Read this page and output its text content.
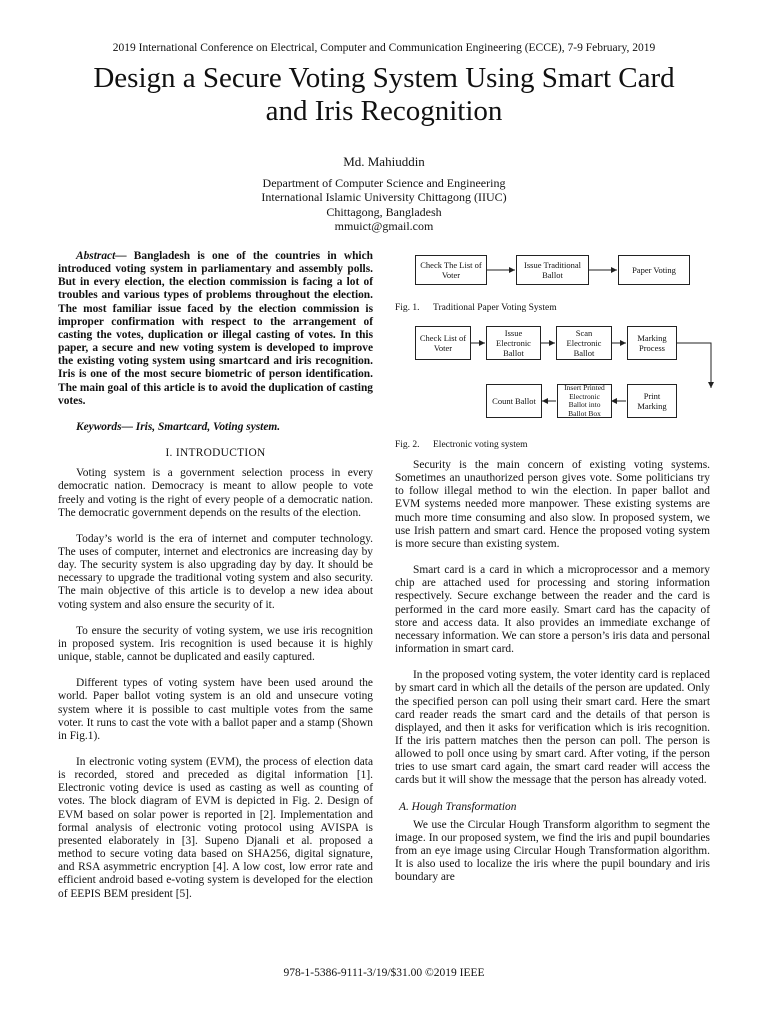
2019 International Conference on Electrical, Computer and Communication Engineering (ECCE), 7-9 February, 2019
Design a Secure Voting System Using Smart Card
and Iris Recognition
Md. Mahiuddin
Department of Computer Science and Engineering
International Islamic University Chittagong (IIUC)
Chittagong, Bangladesh
mmuict@gmail.com

Abstract— Bangladesh is one of the countries in which introduced voting system in parliamentary and assembly polls. But in every election, the election commission is facing a lot of troubles and various types of problems throughout the election. The most familiar issue faced by the election commission is improper confirmation with respect to the arrangement of casting the votes, duplication or illegal casting of votes. In this paper, a secure and new voting system is developed to improve the existing voting system using smartcard and iris recognition. Iris is one of the most secure biometric of person identification. The main goal of this article is to avoid the duplication of casting votes.

Keywords— Iris, Smartcard, Voting system.

I. INTRODUCTION

Voting system is a government selection process in every democratic nation. Democracy is meant to allow people to vote freely and voting is the right of every people of a democratic nation. The democratic government depends on the results of the election.

Today’s world is the era of internet and computer technology. The uses of computer, internet and electronics are increasing day by day. The security system is also upgrading day by day. It should be necessary to upgrade the traditional voting system and also security. The main objective of this article is to develop a new idea about voting system and also ensure the security of it.

To ensure the security of voting system, we use iris recognition in proposed system. Iris recognition is used because it is highly unique, stable, cannot be duplicated and easily captured.

Different types of voting system have been used around the world. Paper ballot voting system is an old and unsecure voting system where it is possible to cast multiple votes from the same voter. It runs to cast the vote with a ballot paper and a stamp (Shown in Fig.1).

In electronic voting system (EVM), the process of election data is recorded, stored and preceded as digital information [1]. Electronic voting device is used as casting as well as counting of votes. The block diagram of EVM is depicted in Fig. 2. Design of EVM based on solar power is reported in [2]. Implementation and formal analysis of electronic voting protocol using AVISPA is presented elaborately in [3]. Supeno Djanali et al. proposed a method to secure voting data based on SHA256, digital signature, and RSA asymmetric encryption [4]. A low cost, low error rate and efficient android based e-voting system is developed for the election of EEPIS BEM president [5].

Check The List of Voter
Issue Traditional Ballot	Paper Voting
Fig. 1. Traditional Paper Voting System
Check List of Voter
Issue Electronic Ballot
Scan Electronic Ballot
Marking Process
Print Marking
Insert Printed Electronic Ballot into Ballot Box
Count Ballot
Fig. 2. Electronic voting system

Security is the main concern of existing voting systems. Sometimes an unauthorized person gives vote. Some politicians try to follow illegal method to win the election. In paper ballot and EVM systems needed more manpower. These existing systems are much more time consuming and also slow. In proposed system, we use Irish pattern and smart card. Hence the proposed voting system is more secure than existing system.

Smart card is a card in which a microprocessor and a memory chip are attached used for processing and storing information respectively. Secure exchange between the reader and the card is performed in the card more easily. Smart card has the capacity of store and access data. It also provides an immediate exchange of necessary information. We can store a person’s iris data and personal information in smart card.

In the proposed voting system, the voter identity card is replaced by smart card in which all the details of the person are updated. Only the specified person can poll using their smart card. Here the smart card reader reads the smart card and the details of that person is displayed, and then it asks for verification which is iris recognition. If the iris pattern matches then the person can poll. The person is allowed to poll once using by smart card. After voting, if the person tries to use smart card again, the smart card reader will access the cards but it will show the message that the person has already voted.

A. Hough Transformation

We use the Circular Hough Transform algorithm to segment the image. In our proposed system, we find the iris and pupil boundaries from an eye image using Circular Hough Transformation algorithm. It is also used to localize the iris where the pupil boundary and iris boundary are

978-1-5386-9111-3/19/$31.00 ©2019 IEEE
